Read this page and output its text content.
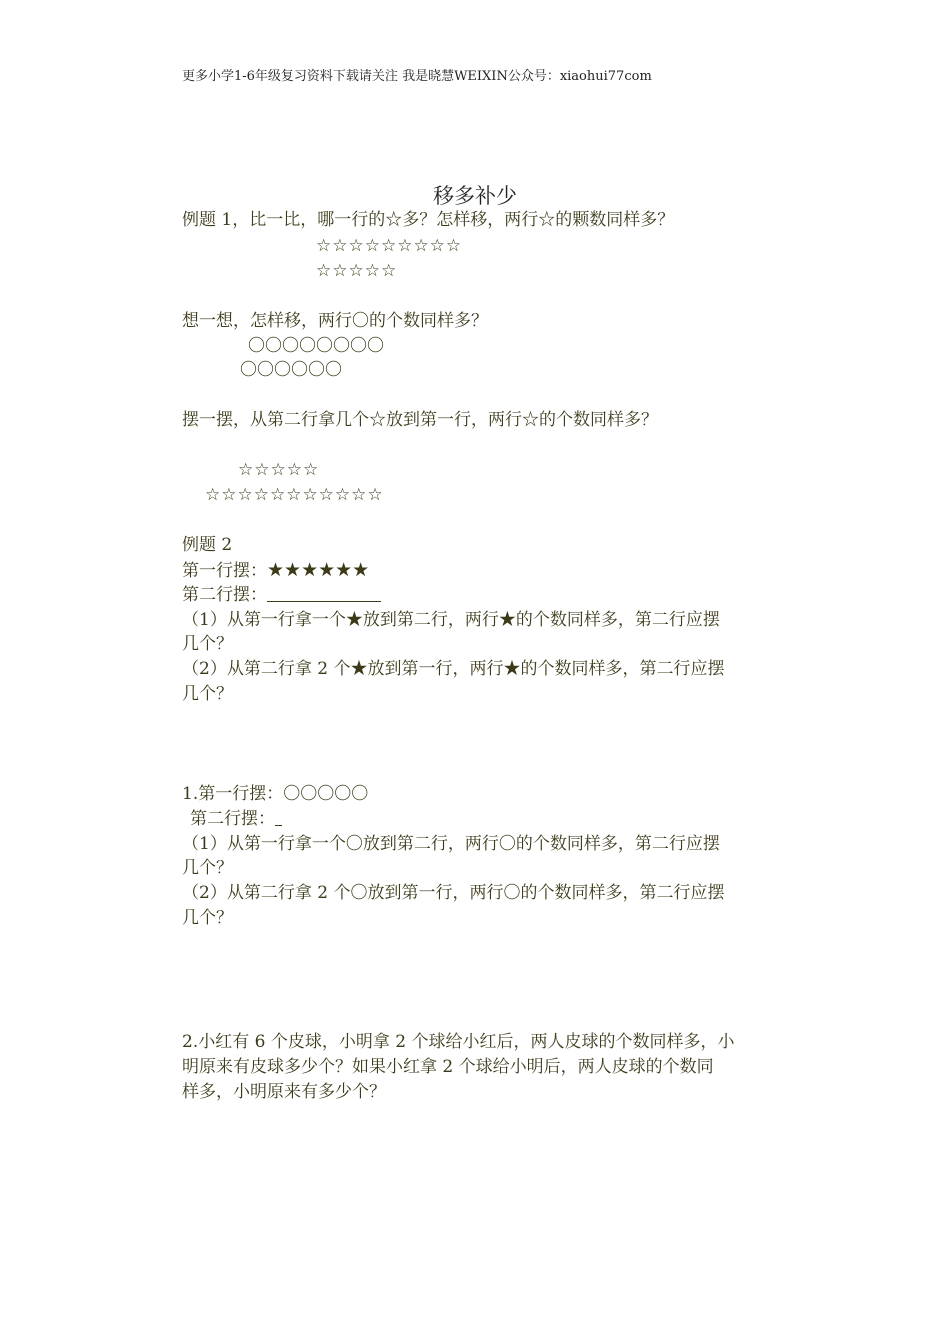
更多小学1-6年级复习资料下载请关注 我是晓慧WEIXIN公众号：xiaohui77com
移多补少
例题 1，比一比，哪一行的☆多？怎样移，两行☆的颗数同样多？
☆☆☆☆☆☆☆☆☆
☆☆☆☆☆
想一想，怎样移，两行〇的个数同样多？
〇〇〇〇〇〇〇〇
〇〇〇〇〇〇
摆一摆，从第二行拿几个☆放到第一行，两行☆的个数同样多？
☆☆☆☆☆
☆☆☆☆☆☆☆☆☆☆☆
例题 2
第一行摆：★★★★★★
第二行摆：
（1）从第一行拿一个★放到第二行，两行★的个数同样多，第二行应摆
几个？
（2）从第二行拿 2 个★放到第一行，两行★的个数同样多，第二行应摆
几个？
1.第一行摆：〇〇〇〇〇
第二行摆：
（1）从第一行拿一个〇放到第二行，两行〇的个数同样多，第二行应摆
几个？
（2）从第二行拿 2 个〇放到第一行，两行〇的个数同样多，第二行应摆
几个？
2.小红有 6 个皮球，小明拿 2 个球给小红后，两人皮球的个数同样多，小
明原来有皮球多少个？如果小红拿 2 个球给小明后，两人皮球的个数同
样多，小明原来有多少个？
